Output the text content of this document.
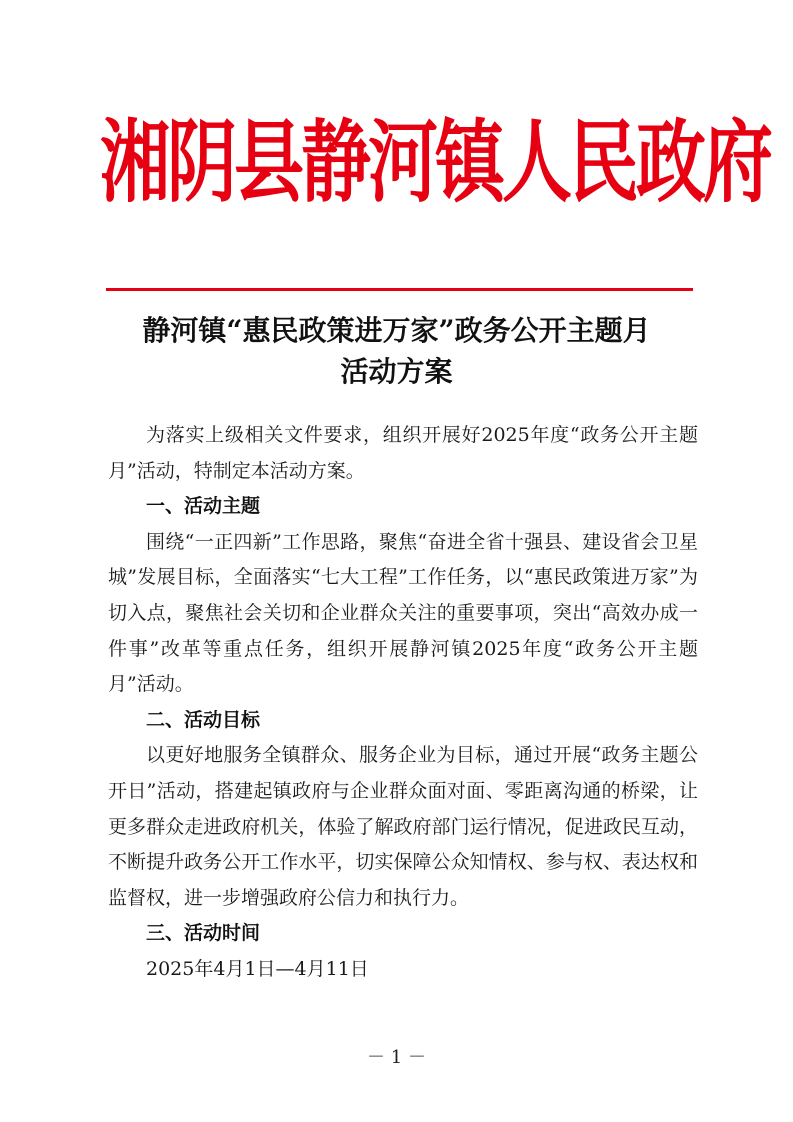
湘阴县静河镇人民政府
静河镇“惠民政策进万家”政务公开主题月
活动方案

为落实上级相关文件要求，组织开展好2025年度“政务公开主题月”活动，特制定本活动方案。

一、活动主题

围绕“一正四新”工作思路，聚焦“奋进全省十强县、建设省会卫星城”发展目标，全面落实“七大工程”工作任务，以“惠民政策进万家”为切入点，聚焦社会关切和企业群众关注的重要事项，突出“高效办成一件事”改革等重点任务，组织开展静河镇2025年度“政务公开主题月”活动。

二、活动目标

以更好地服务全镇群众、服务企业为目标，通过开展“政务主题公开日”活动，搭建起镇政府与企业群众面对面、零距离沟通的桥梁，让更多群众走进政府机关，体验了解政府部门运行情况，促进政民互动，不断提升政务公开工作水平，切实保障公众知情权、参与权、表达权和监督权，进一步增强政府公信力和执行力。

三、活动时间

2025年4月1日—4月11日

－ 1 －
